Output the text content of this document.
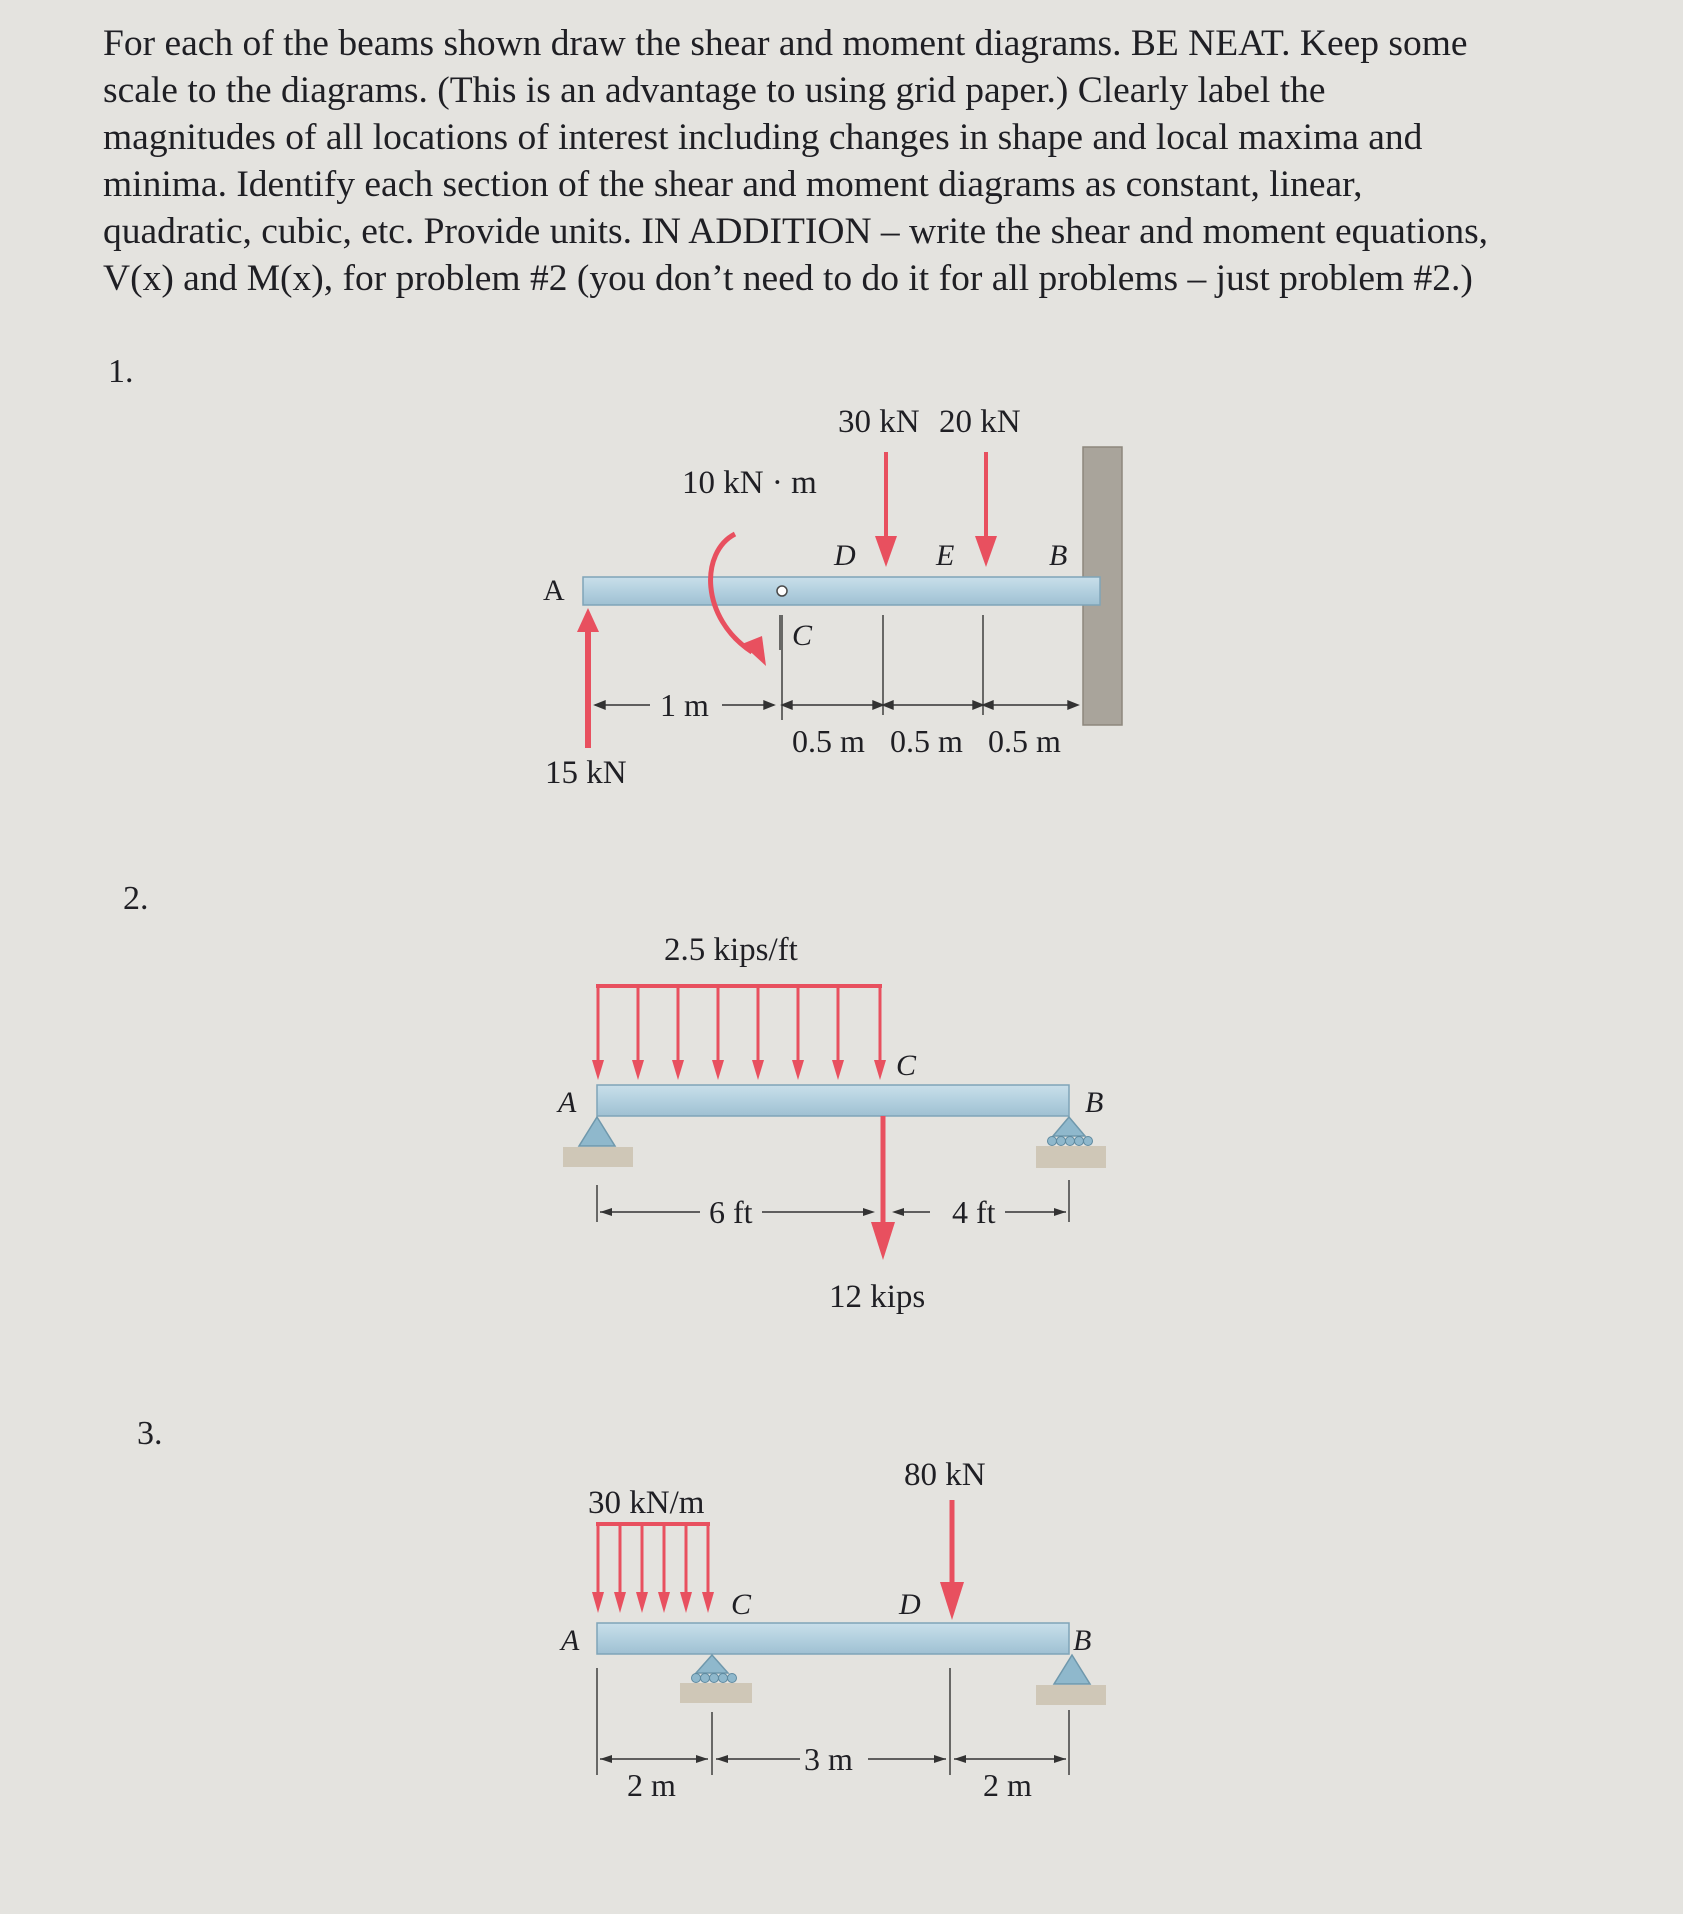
For each of the beams shown draw the shear and moment diagrams. BE NEAT. Keep some
scale to the diagrams. (This is an advantage to using grid paper.) Clearly label the
magnitudes of all locations of interest including changes in shape and local maxima and
minima. Identify each section of the shear and moment diagrams as constant, linear,
quadratic, cubic, etc. Provide units. IN ADDITION – write the shear and moment equations,
V(x) and M(x), for problem #2 (you don’t need to do it for all problems – just problem #2.)
1.
2.
3.
30 kN 20 kN
10 kN · m
A
B
C
D	E
1 m
0.5 m 0.5 m 0.5 m
15 kN
2.5 kips/ft
C
A	B
6 ft	4 ft
12 kips
80 kN
30 kN/m
C	D
A	B
2 m
3 m
2 m
